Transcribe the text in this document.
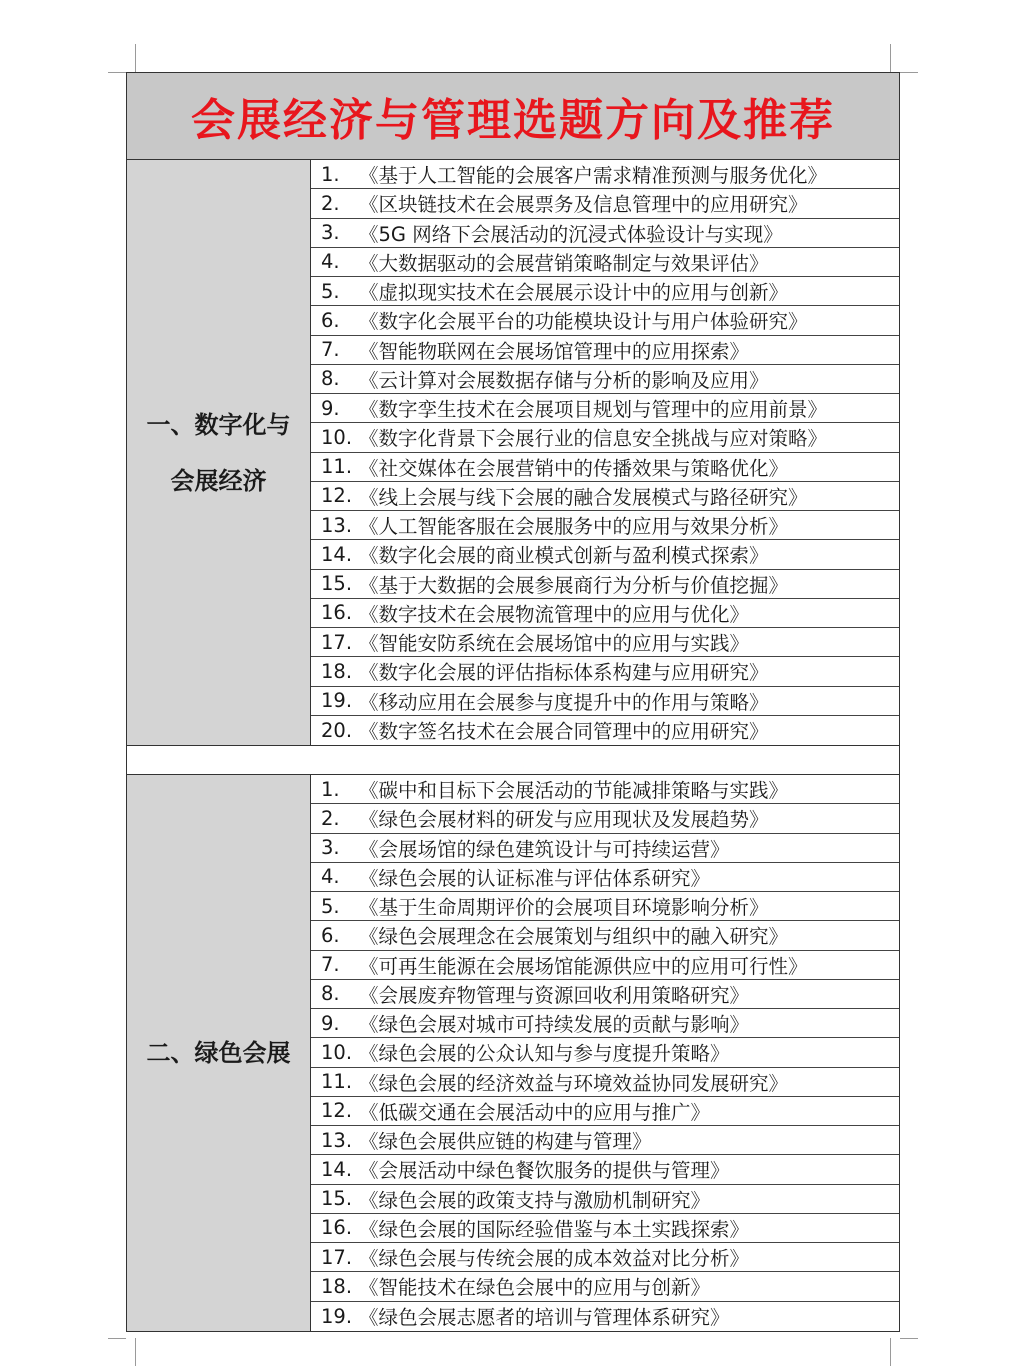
会展经济与管理选题方向及推荐
一、数字化与
会展经济
1. 《基于人工智能的会展客户需求精准预测与服务优化》
2. 《区块链技术在会展票务及信息管理中的应用研究》
3. 《5G 网络下会展活动的沉浸式体验设计与实现》
4. 《大数据驱动的会展营销策略制定与效果评估》
5. 《虚拟现实技术在会展展示设计中的应用与创新》
6. 《数字化会展平台的功能模块设计与用户体验研究》
7. 《智能物联网在会展场馆管理中的应用探索》
8. 《云计算对会展数据存储与分析的影响及应用》
9. 《数字孪生技术在会展项目规划与管理中的应用前景》
10. 《数字化背景下会展行业的信息安全挑战与应对策略》
11. 《社交媒体在会展营销中的传播效果与策略优化》
12. 《线上会展与线下会展的融合发展模式与路径研究》
13. 《人工智能客服在会展服务中的应用与效果分析》
14. 《数字化会展的商业模式创新与盈利模式探索》
15. 《基于大数据的会展参展商行为分析与价值挖掘》
16. 《数字技术在会展物流管理中的应用与优化》
17. 《智能安防系统在会展场馆中的应用与实践》
18. 《数字化会展的评估指标体系构建与应用研究》
19. 《移动应用在会展参与度提升中的作用与策略》
20. 《数字签名技术在会展合同管理中的应用研究》
二、绿色会展
1. 《碳中和目标下会展活动的节能减排策略与实践》
2. 《绿色会展材料的研发与应用现状及发展趋势》
3. 《会展场馆的绿色建筑设计与可持续运营》
4. 《绿色会展的认证标准与评估体系研究》
5. 《基于生命周期评价的会展项目环境影响分析》
6. 《绿色会展理念在会展策划与组织中的融入研究》
7. 《可再生能源在会展场馆能源供应中的应用可行性》
8. 《会展废弃物管理与资源回收利用策略研究》
9. 《绿色会展对城市可持续发展的贡献与影响》
10. 《绿色会展的公众认知与参与度提升策略》
11. 《绿色会展的经济效益与环境效益协同发展研究》
12. 《低碳交通在会展活动中的应用与推广》
13. 《绿色会展供应链的构建与管理》
14. 《会展活动中绿色餐饮服务的提供与管理》
15. 《绿色会展的政策支持与激励机制研究》
16. 《绿色会展的国际经验借鉴与本土实践探索》
17. 《绿色会展与传统会展的成本效益对比分析》
18. 《智能技术在绿色会展中的应用与创新》
19. 《绿色会展志愿者的培训与管理体系研究》
